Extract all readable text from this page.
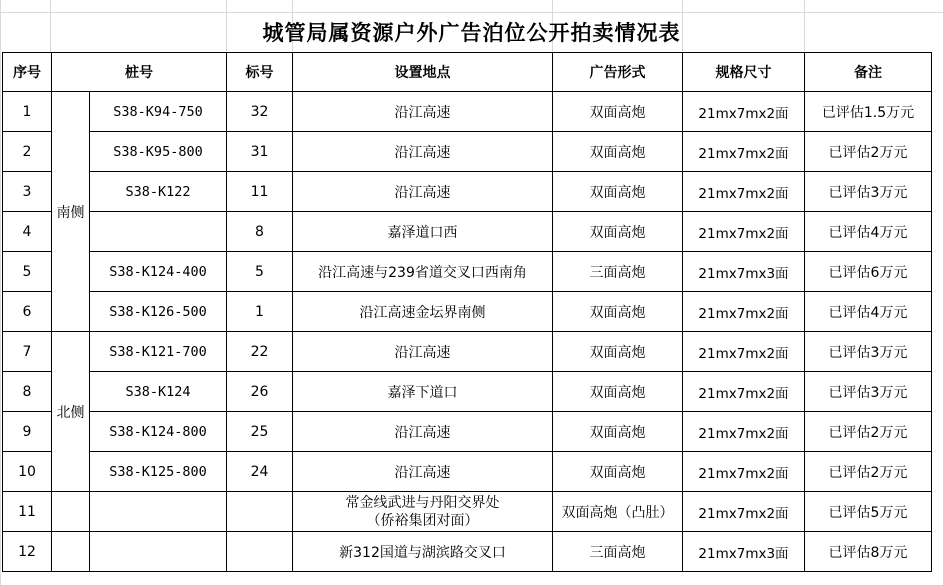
城管局属资源户外广告泊位公开拍卖情况表
序号	桩号		标号	设置地点	广告形式	规格尺寸	备注
1	南侧	S38-K94-750	32	沿江高速	双面高炮	21mx7mx2面	已评估1.5万元
2		S38-K95-800	31	沿江高速	双面高炮	21mx7mx2面	已评估2万元
3		S38-K122	11	沿江高速	双面高炮	21mx7mx2面	已评估3万元
4			8	嘉泽道口西	双面高炮	21mx7mx2面	已评估4万元
5		S38-K124-400	5	沿江高速与239省道交叉口西南角	三面高炮	21mx7mx3面	已评估6万元
6		S38-K126-500	1	沿江高速金坛界南侧	双面高炮	21mx7mx2面	已评估4万元
7	北侧	S38-K121-700	22	沿江高速	双面高炮	21mx7mx2面	已评估3万元
8		S38-K124	26	嘉泽下道口	双面高炮	21mx7mx2面	已评估3万元
9		S38-K124-800	25	沿江高速	双面高炮	21mx7mx2面	已评估2万元
10		S38-K125-800	24	沿江高速	双面高炮	21mx7mx2面	已评估2万元
11				常金线武进与丹阳交界处
（侨裕集团对面）	双面高炮（凸肚）	21mx7mx2面	已评估5万元
12				新312国道与湖滨路交叉口	三面高炮	21mx7mx3面	已评估8万元
